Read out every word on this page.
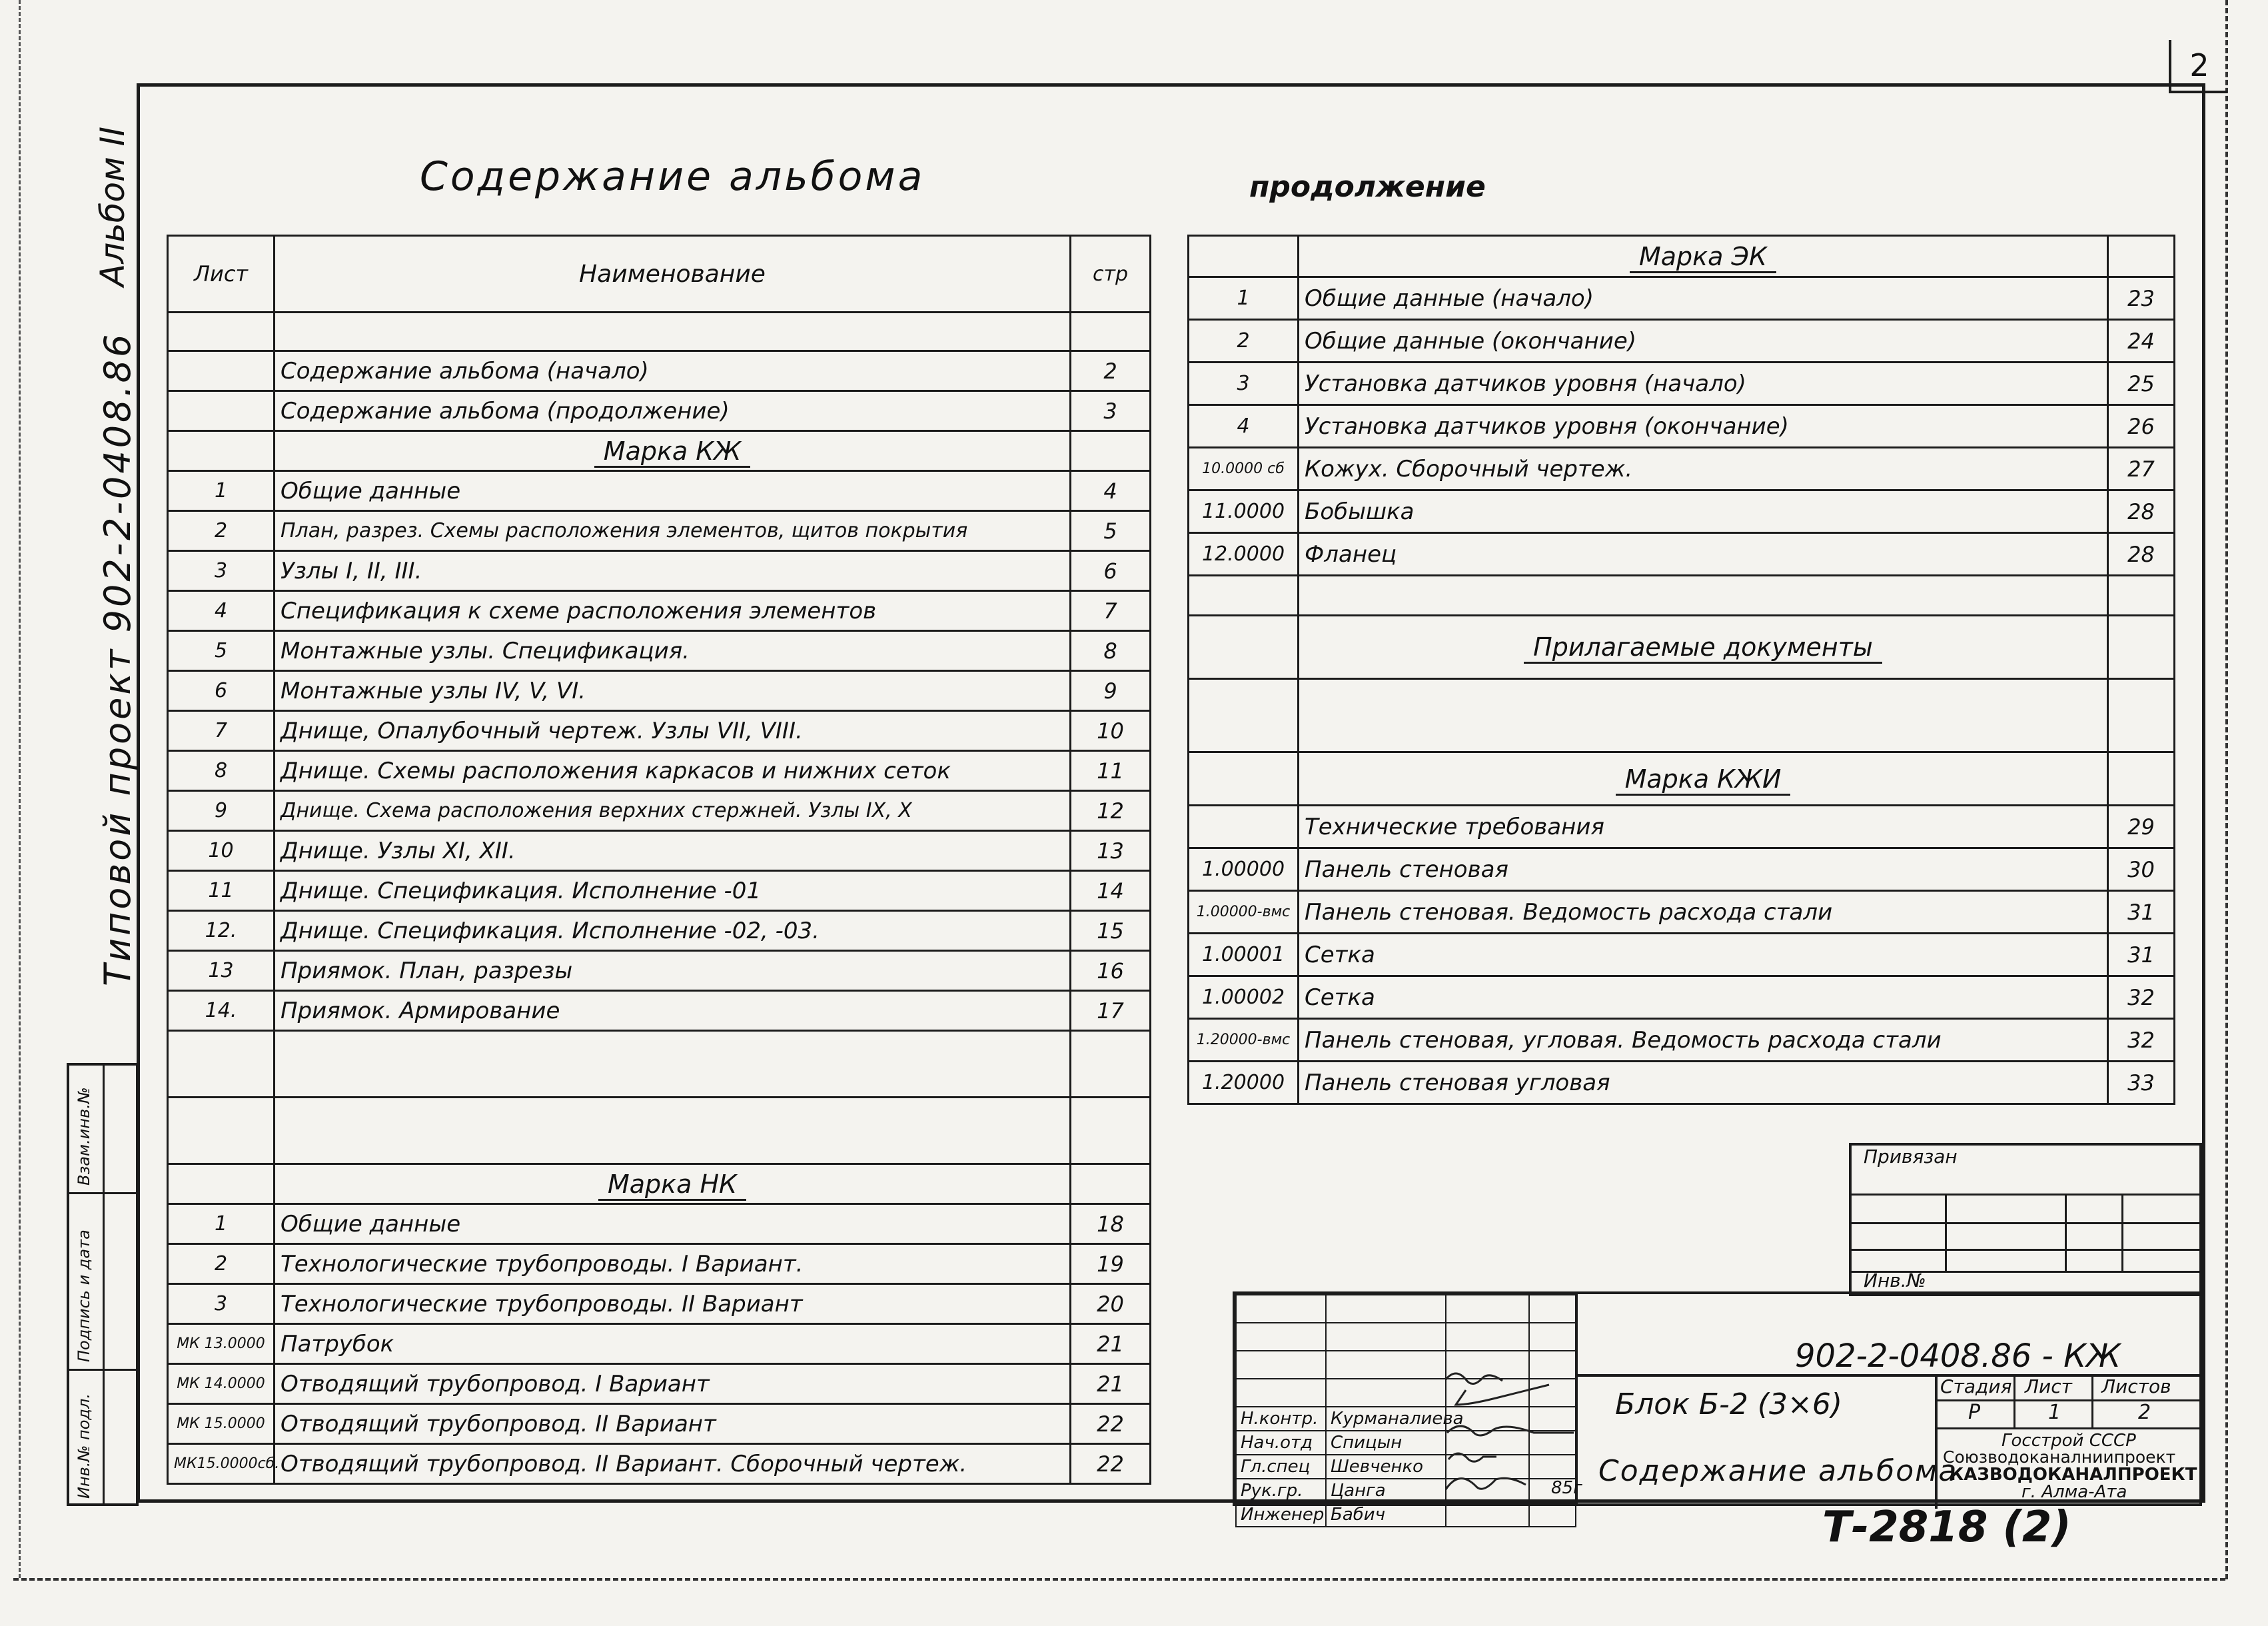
2
Альбом II
Типовой проект 902-2-0408.86
Взам.инв.№
Подпись и дата
Инв.№ подл.
Содержание альбома	продолжение
Лист	Наименование	стр

	Содержание альбома (начало)	2
	Содержание альбома (продолжение)	3
	Марка КЖ	
1	Общие данные	4
2	План, разрез. Схемы расположения элементов, щитов покрытия	5
3	Узлы I, II, III.	6
4	Спецификация к схеме расположения элементов	7
5	Монтажные узлы. Спецификация.	8
6	Монтажные узлы IV, V, VI.	9
7	Днище, Опалубочный чертеж. Узлы VII, VIII.	10
8	Днище. Схемы расположения каркасов и нижних сеток	11
9	Днище. Схема расположения верхних стержней. Узлы IX, X	12
10	Днище. Узлы XI, XII.	13
11	Днище. Спецификация. Исполнение -01	14
12.	Днище. Спецификация. Исполнение -02, -03.	15
13	Приямок. План, разрезы	16
14.	Приямок. Армирование	17

	Марка НК	
1	Общие данные	18
2	Технологические трубопроводы. I Вариант.	19
3	Технологические трубопроводы. II Вариант	20
МК 13.0000	Патрубок	21
МК 14.0000	Отводящий трубопровод. I Вариант	21
МК 15.0000	Отводящий трубопровод. II Вариант	22
МК15.0000сб.	Отводящий трубопровод. II Вариант. Сборочный чертеж.	22
	Марка ЭК	
1	Общие данные (начало)	23
2	Общие данные (окончание)	24
3	Установка датчиков уровня (начало)	25
4	Установка датчиков уровня (окончание)	26
10.0000 сб	Кожух. Сборочный чертеж.	27
11.0000	Бобышка	28
12.0000	Фланец	28

	Прилагаемые документы	

	Марка КЖИ	
	Технические требования	29
1.00000	Панель стеновая	30
1.00000-вмс	Панель стеновая. Ведомость расхода стали	31
1.00001	Сетка	31
1.00002	Сетка	32
1.20000-вмс	Панель стеновая, угловая. Ведомость расхода стали	32
1.20000	Панель стеновая угловая	33
Привязан
Инв.№

Н.контр.	Курманалиева		
Нач.отд	Спицын		
Гл.спец	Шевченко		
Рук.гр.	Цанга		
Инженер	Бабич		
902-2-0408.86 - КЖ
Блок Б-2 (3×6)
Содержание альбома
Стадия Лист Листов
Р	1	2
Госстрой СССР
Союзводоканалниипроект
КАЗВОДОКАНАЛПРОЕКТ
г. Алма-Ата
85г
Т-2818 (2)
